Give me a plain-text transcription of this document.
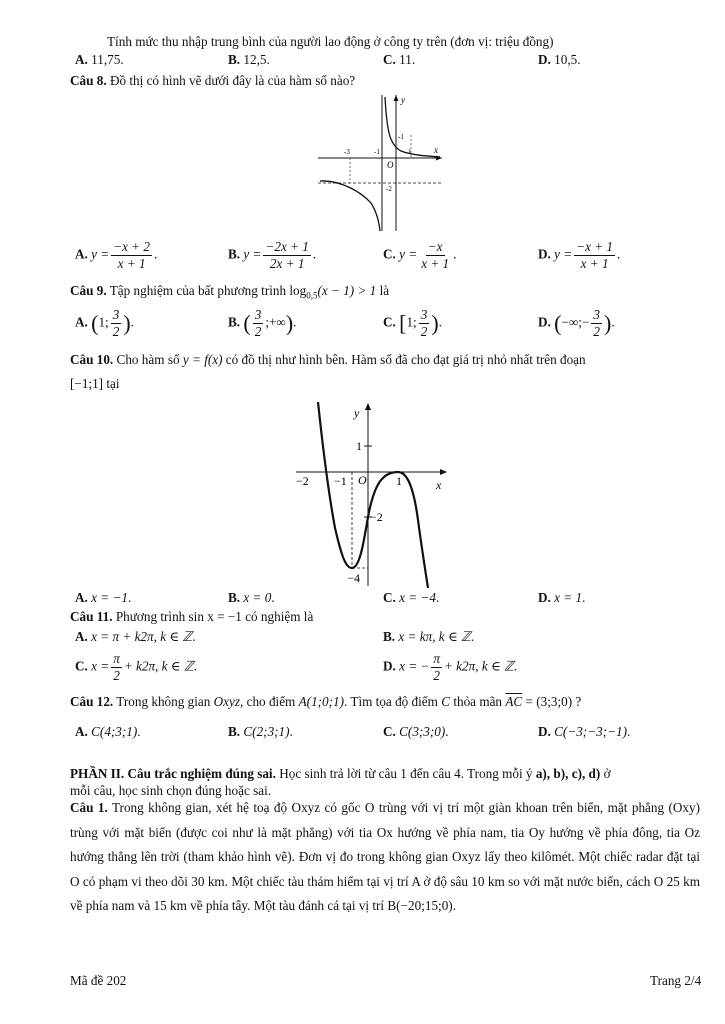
Tính mức thu nhập trung bình của người lao động ở công ty trên (đơn vị: triệu đồng)
A. 11,75.	B. 12,5.	C. 11.	D. 10,5.
Câu 8. Đồ thị có hình vẽ dưới đây là của hàm số nào?
y
x
O
-3	-1	1
-1
-2
A. $y = \frac{-x + 2}{x + 1}$ .	B. $y = \frac{-2x + 1}{2x + 1}$ .	C. $y = \frac{-x}{x + 1}$ .	D. $y = \frac{-x + 1}{x + 1}$ .
Câu 9. Tập nghiệm của bất phương trình $\log_{0,5}(x - 1) > 1$ là
A. (1; $\frac{3}{2}$ ).	B. ( $\frac{3}{2}$ ;+∞).	C. [1; $\frac{3}{2}$ ).	D. (−∞;− $\frac{3}{2}$ ).
Câu 10. Cho hàm số y = f(x) có đồ thị như hình bên. Hàm số đã cho đạt giá trị nhỏ nhất trên đoạn
[−1;1] tại
y
x
1
−2 −1 O 1
−2
−4
A. x = −1.	B. x = 0.	C. x = −4.	D. x = 1.
Câu 11. Phương trình sin x = −1 có nghiệm là
A. x = π + k2π, k ∈ ℤ.	B. x = kπ, k ∈ ℤ.
C. $x = \frac{\pi}{2} + k2\pi$, k ∈ ℤ.	D. x = − $\frac{\pi}{2} + k2\pi$, k ∈ ℤ.
Câu 12. Trong không gian Oxyz, cho điểm A(1;0;1). Tìm tọa độ điểm C thỏa mãn $\overline{AC}$ = (3;3;0) ?
A. C(4;3;1).	B. C(2;3;1).	C. C(3;3;0).	D. C(−3;−3;−1).
PHẦN II. Câu trắc nghiệm đúng sai. Học sinh trả lời từ câu 1 đến câu 4. Trong mỗi ý a), b), c), d) ở
mỗi câu, học sinh chọn đúng hoặc sai.
Câu 1. Trong không gian, xét hệ toạ độ Oxyz có gốc O trùng với vị trí một giàn khoan trên biển, mặt phẳng (Oxy) trùng với mặt biển (được coi như là mặt phẳng) với tia Ox hướng về phía nam, tia Oy hướng về phía đông, tia Oz hướng thẳng lên trời (tham khảo hình vẽ). Đơn vị đo trong không gian Oxyz lấy theo kilômét. Một chiếc radar đặt tại O có phạm vi theo dõi 30 km. Một chiếc tàu thám hiểm tại vị trí A ở độ sâu 10 km so với mặt nước biển, cách O 25 km về phía nam và 15 km về phía tây. Một tàu đánh cá tại vị trí B(−20;15;0).
Mã đề 202	Trang 2/4
